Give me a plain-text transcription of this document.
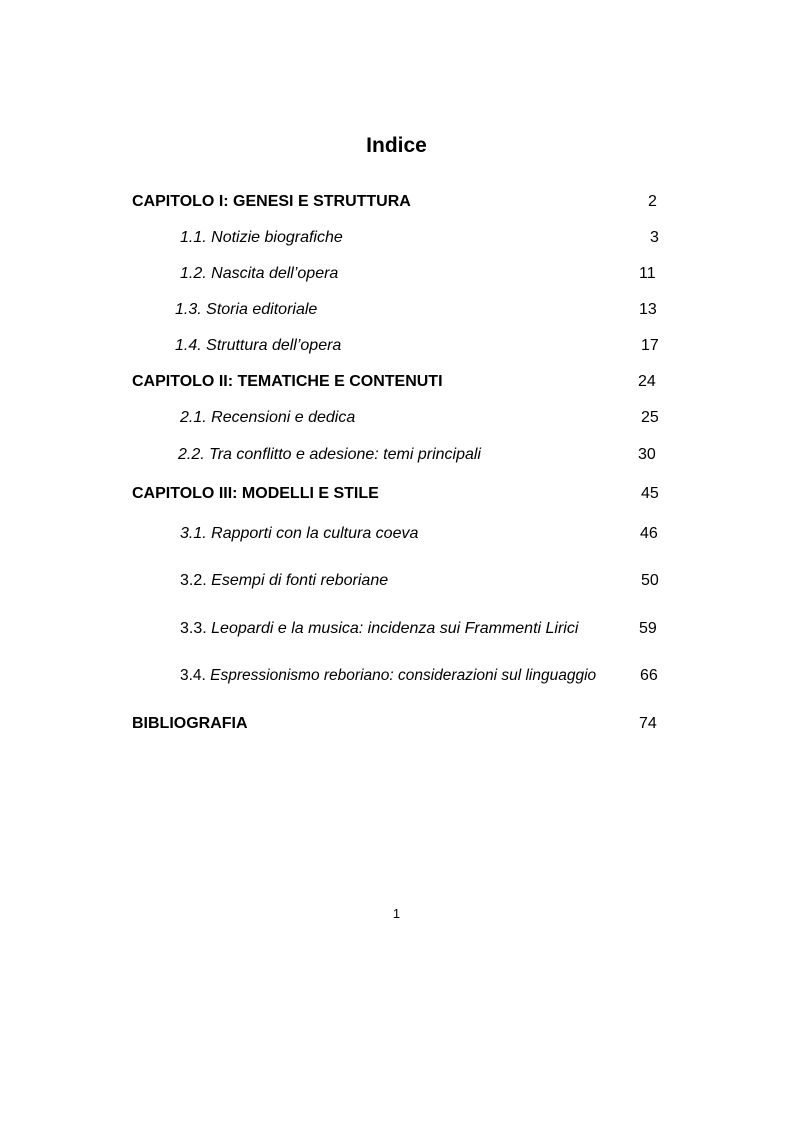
Indice
CAPITOLO I: GENESI E STRUTTURA	2
1.1. Notizie biografiche	3
1.2. Nascita dell’opera	11
1.3. Storia editoriale	13
1.4. Struttura dell’opera	17
CAPITOLO II: TEMATICHE E CONTENUTI	24
2.1. Recensioni e dedica	25
2.2. Tra conflitto e adesione: temi principali	30
CAPITOLO III: MODELLI E STILE	45
3.1. Rapporti con la cultura coeva	46
3.2. Esempi di fonti reboriane	50
3.3. Leopardi e la musica: incidenza sui Frammenti Lirici	59
3.4. Espressionismo reboriano: considerazioni sul linguaggio	66
BIBLIOGRAFIA	74
1
